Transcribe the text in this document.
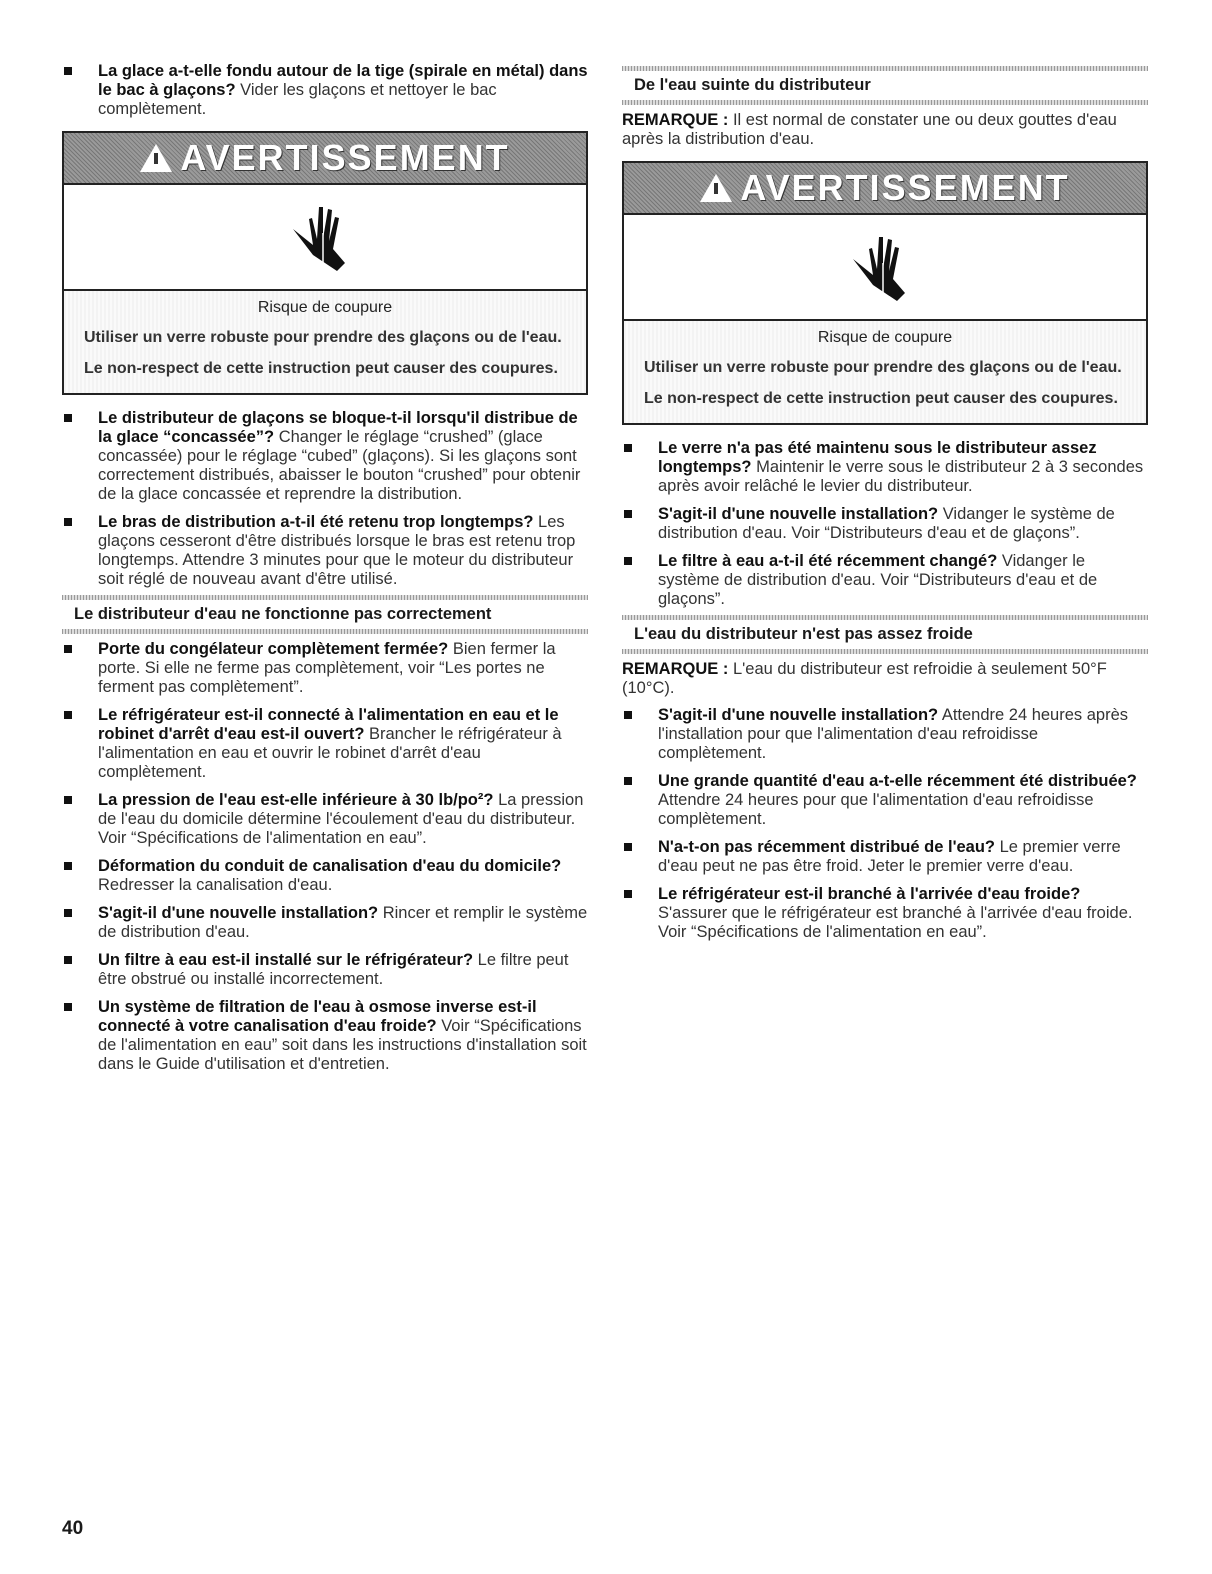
La glace a-t-elle fondu autour de la tige (spirale en métal) dans le bac à glaçons? Vider les glaçons et nettoyer le bac complètement.
AVERTISSEMENT
Risque de coupure

Utiliser un verre robuste pour prendre des glaçons ou de l'eau.

Le non-respect de cette instruction peut causer des coupures.

Le distributeur de glaçons se bloque-t-il lorsqu'il distribue de la glace “concassée”? Changer le réglage “crushed” (glace concassée) pour le réglage “cubed” (glaçons). Si les glaçons sont correctement distribués, abaisser le bouton “crushed” pour obtenir de la glace concassée et reprendre la distribution.
Le bras de distribution a-t-il été retenu trop longtemps? Les glaçons cesseront d'être distribués lorsque le bras est retenu trop longtemps. Attendre 3 minutes pour que le moteur du distributeur soit réglé de nouveau avant d'être utilisé.
Le distributeur d'eau ne fonctionne pas correctement
Porte du congélateur complètement fermée? Bien fermer la porte. Si elle ne ferme pas complètement, voir “Les portes ne ferment pas complètement”.
Le réfrigérateur est-il connecté à l'alimentation en eau et le robinet d'arrêt d'eau est-il ouvert? Brancher le réfrigérateur à l'alimentation en eau et ouvrir le robinet d'arrêt d'eau complètement.
La pression de l'eau est-elle inférieure à 30 lb/po²? La pression de l'eau du domicile détermine l'écoulement d'eau du distributeur. Voir “Spécifications de l'alimentation en eau”.
Déformation du conduit de canalisation d'eau du domicile? Redresser la canalisation d'eau.
S'agit-il d'une nouvelle installation? Rincer et remplir le système de distribution d'eau.
Un filtre à eau est-il installé sur le réfrigérateur? Le filtre peut être obstrué ou installé incorrectement.
Un système de filtration de l'eau à osmose inverse est-il connecté à votre canalisation d'eau froide? Voir “Spécifications de l'alimentation en eau” soit dans les instructions d'installation soit dans le Guide d'utilisation et d'entretien.
De l'eau suinte du distributeur
REMARQUE : Il est normal de constater une ou deux gouttes d'eau après la distribution d'eau.
AVERTISSEMENT
Risque de coupure

Utiliser un verre robuste pour prendre des glaçons ou de l'eau.

Le non-respect de cette instruction peut causer des coupures.

Le verre n'a pas été maintenu sous le distributeur assez longtemps? Maintenir le verre sous le distributeur 2 à 3 secondes après avoir relâché le levier du distributeur.
S'agit-il d'une nouvelle installation? Vidanger le système de distribution d'eau. Voir “Distributeurs d'eau et de glaçons”.
Le filtre à eau a-t-il été récemment changé? Vidanger le système de distribution d'eau. Voir “Distributeurs d'eau et de glaçons”.
L'eau du distributeur n'est pas assez froide
REMARQUE : L'eau du distributeur est refroidie à seulement 50°F (10°C).
S'agit-il d'une nouvelle installation? Attendre 24 heures après l'installation pour que l'alimentation d'eau refroidisse complètement.
Une grande quantité d'eau a-t-elle récemment été distribuée? Attendre 24 heures pour que l'alimentation d'eau refroidisse complètement.
N'a-t-on pas récemment distribué de l'eau? Le premier verre d'eau peut ne pas être froid. Jeter le premier verre d'eau.
Le réfrigérateur est-il branché à l'arrivée d'eau froide? S'assurer que le réfrigérateur est branché à l'arrivée d'eau froide. Voir “Spécifications de l'alimentation en eau”.
40
